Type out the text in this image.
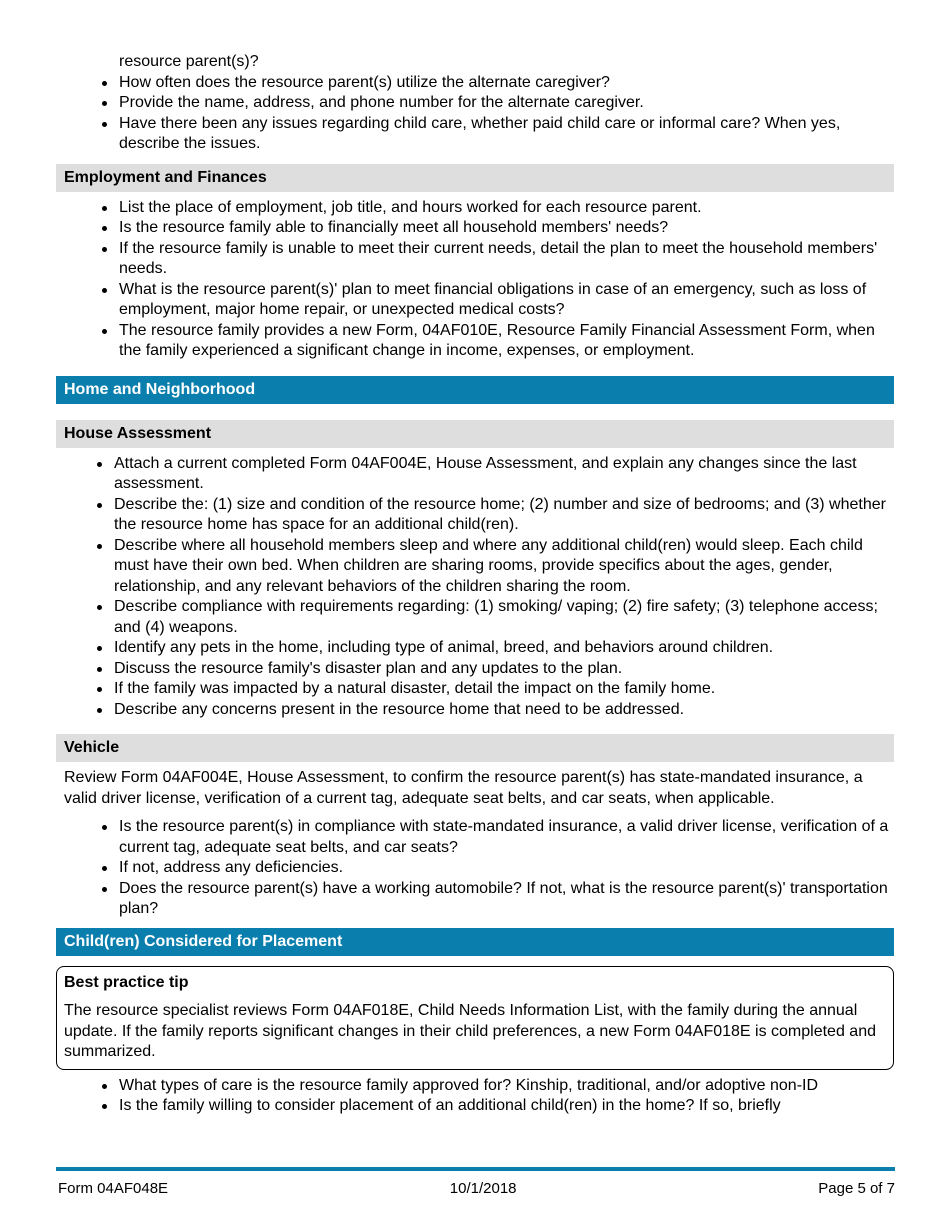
resource parent(s)?
How often does the resource parent(s) utilize the alternate caregiver?
Provide the name, address, and phone number for the alternate caregiver.
Have there been any issues regarding child care, whether paid child care or informal care? When yes, describe the issues.
Employment and Finances
List the place of employment, job title, and hours worked for each resource parent.
Is the resource family able to financially meet all household members' needs?
If the resource family is unable to meet their current needs, detail the plan to meet the household members' needs.
What is the resource parent(s)' plan to meet financial obligations in case of an emergency, such as loss of employment, major home repair, or unexpected medical costs?
The resource family provides a new Form, 04AF010E, Resource Family Financial Assessment Form, when the family experienced a significant change in income, expenses, or employment.
Home and Neighborhood
House Assessment
Attach a current completed Form 04AF004E, House Assessment, and explain any changes since the last assessment.
Describe the: (1) size and condition of the resource home; (2) number and size of bedrooms; and (3) whether the resource home has space for an additional child(ren).
Describe where all household members sleep and where any additional child(ren) would sleep. Each child must have their own bed. When children are sharing rooms, provide specifics about the ages, gender, relationship, and any relevant behaviors of the children sharing the room.
Describe compliance with requirements regarding: (1) smoking/ vaping; (2) fire safety; (3) telephone access; and (4) weapons.
Identify any pets in the home, including type of animal, breed, and behaviors around children.
Discuss the resource family's disaster plan and any updates to the plan.
If the family was impacted by a natural disaster, detail the impact on the family home.
Describe any concerns present in the resource home that need to be addressed.
Vehicle
Review Form 04AF004E, House Assessment, to confirm the resource parent(s) has state-mandated insurance, a valid driver license, verification of a current tag, adequate seat belts, and car seats, when applicable.
Is the resource parent(s) in compliance with state-mandated insurance, a valid driver license, verification of a current tag, adequate seat belts, and car seats?
If not, address any deficiencies.
Does the resource parent(s) have a working automobile? If not, what is the resource parent(s)' transportation plan?
Child(ren) Considered for Placement
Best practice tip
The resource specialist reviews Form 04AF018E, Child Needs Information List, with the family during the annual update. If the family reports significant changes in their child preferences, a new Form 04AF018E is completed and summarized.
What types of care is the resource family approved for? Kinship, traditional, and/or adoptive non-ID
Is the family willing to consider placement of an additional child(ren) in the home? If so, briefly
Form 04AF048E	10/1/2018	Page 5 of 7
